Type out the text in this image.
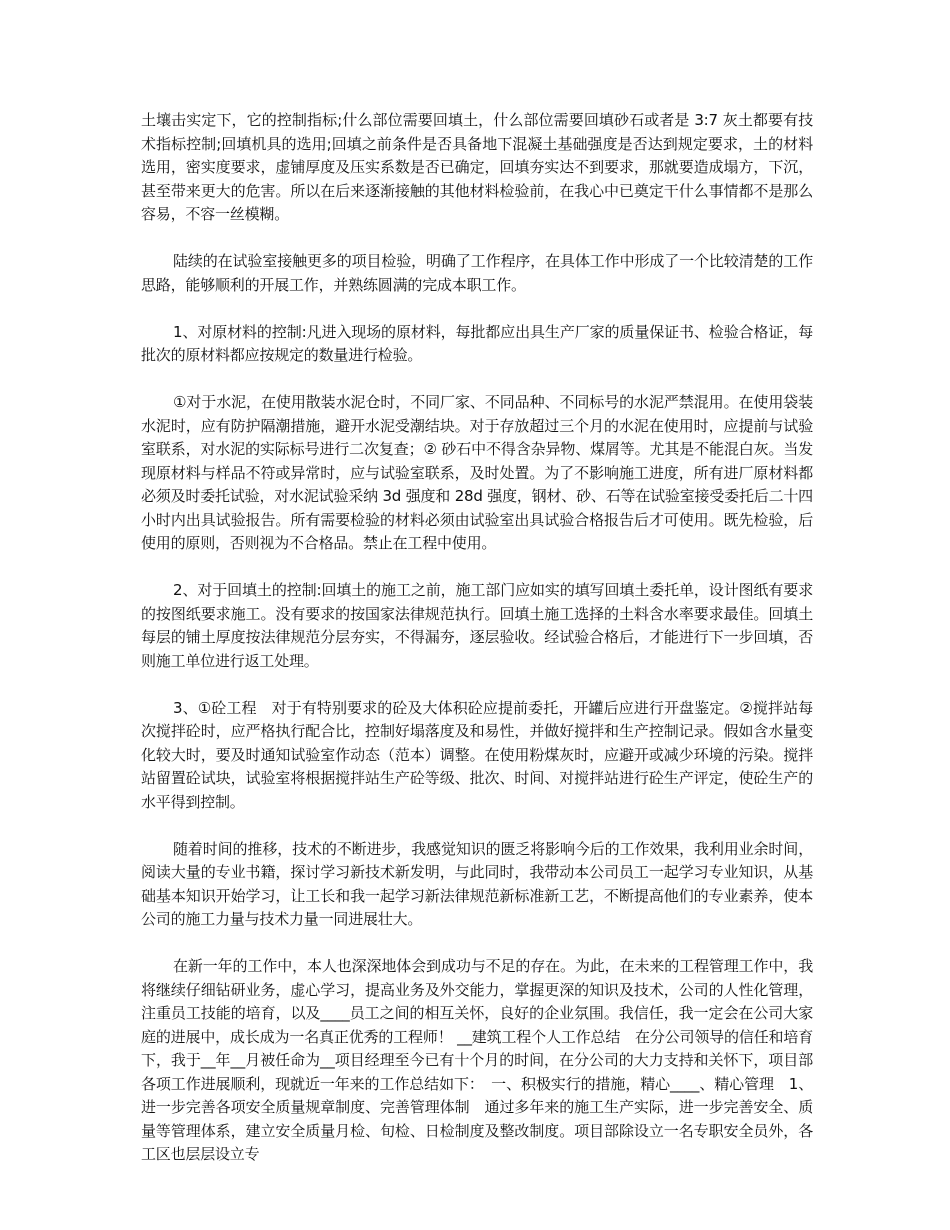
土壤击实定下，它的控制指标;什么部位需要回填土，什么部位需要回填砂石或者是 3:7 灰土都要有技术指标控制;回填机具的选用;回填之前条件是否具备地下混凝土基础强度是否达到规定要求，土的材料选用，密实度要求，虚铺厚度及压实系数是否已确定，回填夯实达不到要求，那就要造成塌方，下沉，甚至带来更大的危害。所以在后来逐渐接触的其他材料检验前，在我心中已奠定干什么事情都不是那么容易，不容一丝模糊。

陆续的在试验室接触更多的项目检验，明确了工作程序，在具体工作中形成了一个比较清楚的工作思路，能够顺利的开展工作，并熟练圆满的完成本职工作。

1、对原材料的控制:凡进入现场的原材料，每批都应出具生产厂家的质量保证书、检验合格证，每批次的原材料都应按规定的数量进行检验。

①对于水泥，在使用散装水泥仓时，不同厂家、不同品种、不同标号的水泥严禁混用。在使用袋装水泥时，应有防护隔潮措施，避开水泥受潮结块。对于存放超过三个月的水泥在使用时，应提前与试验室联系，对水泥的实际标号进行二次复查；② 砂石中不得含杂异物、煤屑等。尤其是不能混白灰。当发现原材料与样品不符或异常时，应与试验室联系，及时处置。为了不影响施工进度，所有进厂原材料都必须及时委托试验，对水泥试验采纳 3d 强度和 28d 强度，钢材、砂、石等在试验室接受委托后二十四小时内出具试验报告。所有需要检验的材料必须由试验室出具试验合格报告后才可使用。既先检验，后使用的原则，否则视为不合格品。禁止在工程中使用。

2、对于回填土的控制:回填土的施工之前，施工部门应如实的填写回填土委托单，设计图纸有要求的按图纸要求施工。没有要求的按国家法律规范执行。回填土施工选择的土料含水率要求最佳。回填土每层的铺土厚度按法律规范分层夯实，不得漏夯，逐层验收。经试验合格后，才能进行下一步回填，否则施工单位进行返工处理。

3、①砼工程　对于有特别要求的砼及大体积砼应提前委托，开罐后应进行开盘鉴定。②搅拌站每次搅拌砼时，应严格执行配合比，控制好塌落度及和易性，并做好搅拌和生产控制记录。假如含水量变化较大时，要及时通知试验室作动态（范本）调整。在使用粉煤灰时，应避开或减少环境的污染。搅拌站留置砼试块，试验室将根据搅拌站生产砼等级、批次、时间、对搅拌站进行砼生产评定，使砼生产的水平得到控制。

随着时间的推移，技术的不断进步，我感觉知识的匮乏将影响今后的工作效果，我利用业余时间，阅读大量的专业书籍，探讨学习新技术新发明，与此同时，我带动本公司员工一起学习专业知识，从基础基本知识开始学习，让工长和我一起学习新法律规范新标准新工艺，不断提高他们的专业素养，使本公司的施工力量与技术力量一同进展壮大。

在新一年的工作中，本人也深深地体会到成功与不足的存在。为此，在未来的工程管理工作中，我将继续仔细钻研业务，虚心学习，提高业务及外交能力，掌握更深的知识及技术，公司的人性化管理，注重员工技能的培育，以及____员工之间的相互关怀，良好的企业氛围。我信任，我一定会在公司大家庭的进展中，成长成为一名真正优秀的工程师！ __建筑工程个人工作总结　在分公司领导的信任和培育下，我于__年__月被任命为__项目经理至今已有十个月的时间，在分公司的大力支持和关怀下，项目部各项工作进展顺利，现就近一年来的工作总结如下：　一、积极实行的措施，精心____、精心管理　1、进一步完善各项安全质量规章制度、完善管理体制　通过多年来的施工生产实际，进一步完善安全、质量等管理体系，建立安全质量月检、旬检、日检制度及整改制度。项目部除设立一名专职安全员外，各工区也层层设立专
